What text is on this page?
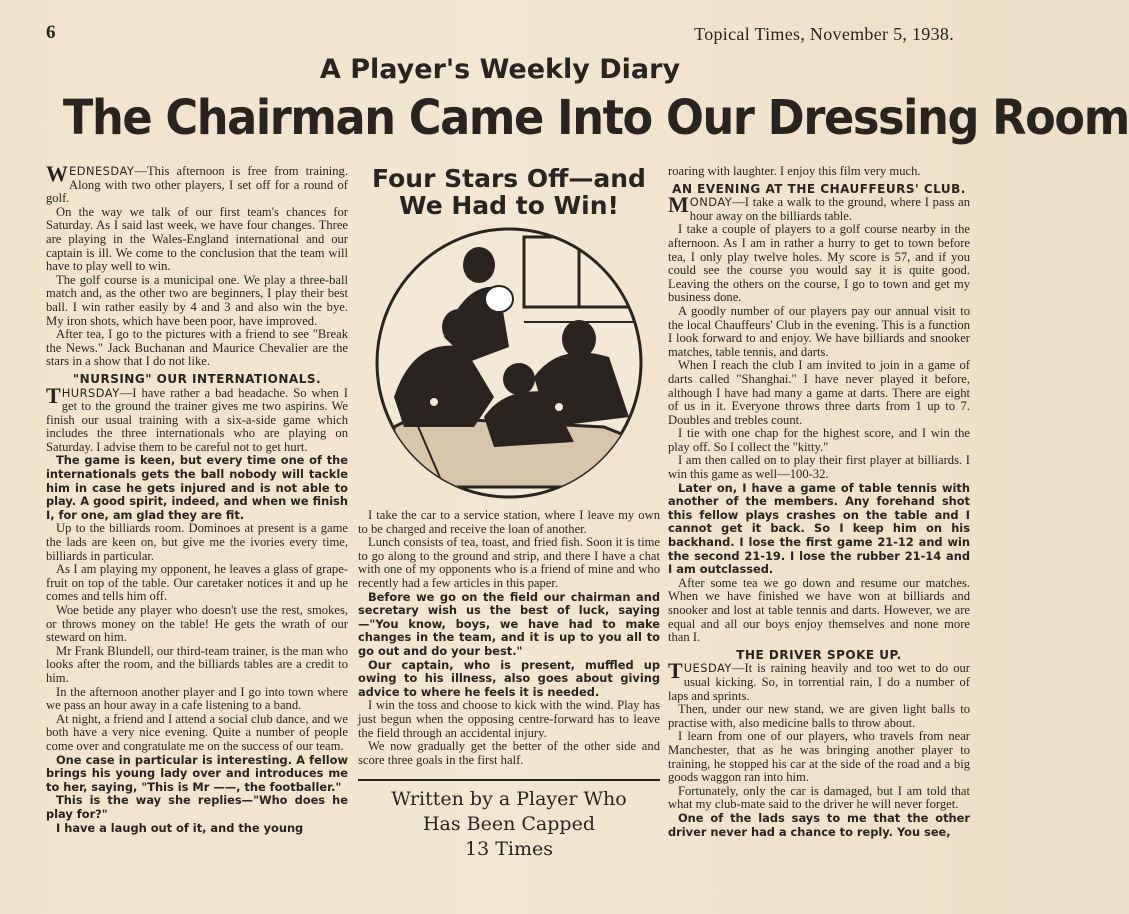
6	Topical Times, November 5, 1938.
A Player's Weekly Diary
The Chairman Came Into Our Dressing Room

WEDNESDAY—This afternoon is free from training. Along with two other players, I set off for a round of golf.

On the way we talk of our first team's chances for Saturday. As I said last week, we have four changes. Three are playing in the Wales-England international and our captain is ill. We come to the conclusion that the team will have to play well to win.

The golf course is a municipal one. We play a three-ball match and, as the other two are beginners, I play their best ball. I win rather easily by 4 and 3 and also win the bye. My iron shots, which have been poor, have improved.

After tea, I go to the pictures with a friend to see "Break the News." Jack Buchanan and Maurice Chevalier are the stars in a show that I do not like.

"NURSING" OUR INTERNATIONALS.

THURSDAY—I have rather a bad headache. So when I get to the ground the trainer gives me two aspirins. We finish our usual training with a six-a-side game which includes the three internationals who are playing on Saturday. I advise them to be careful not to get hurt.

The game is keen, but every time one of the internationals gets the ball nobody will tackle him in case he gets injured and is not able to play. A good spirit, indeed, and when we finish I, for one, am glad they are fit.

Up to the billiards room. Dominoes at present is a game the lads are keen on, but give me the ivories every time, billiards in particular.

As I am playing my opponent, he leaves a glass of grape-fruit on top of the table. Our caretaker notices it and up he comes and tells him off.

Woe betide any player who doesn't use the rest, smokes, or throws money on the table! He gets the wrath of our steward on him.

Mr Frank Blundell, our third-team trainer, is the man who looks after the room, and the billiards tables are a credit to him.

In the afternoon another player and I go into town where we pass an hour away in a cafe listening to a band.

At night, a friend and I attend a social club dance, and we both have a very nice evening. Quite a number of people come over and congratulate me on the success of our team.

One case in particular is interesting. A fellow brings his young lady over and introduces me to her, saying, "This is Mr ——, the footballer."

This is the way she replies—"Who does he play for?"

I have a laugh out of it, and the young

Four Stars Off—and We Had to Win!

I take the car to a service station, where I leave my own to be charged and receive the loan of another.

Lunch consists of tea, toast, and fried fish. Soon it is time to go along to the ground and strip, and there I have a chat with one of my opponents who is a friend of mine and who recently had a few articles in this paper.

Before we go on the field our chairman and secretary wish us the best of luck, saying—"You know, boys, we have had to make changes in the team, and it is up to you all to go out and do your best."

Our captain, who is present, muffled up owing to his illness, also goes about giving advice to where he feels it is needed.

I win the toss and choose to kick with the wind. Play has just begun when the opposing centre-forward has to leave the field through an accidental injury.

We now gradually get the better of the other side and score three goals in the first half.

Written by a Player Who
Has Been Capped
13 Times

roaring with laughter. I enjoy this film very much.

AN EVENING AT THE CHAUFFEURS' CLUB.

MONDAY—I take a walk to the ground, where I pass an hour away on the billiards table.

I take a couple of players to a golf course nearby in the afternoon. As I am in rather a hurry to get to town before tea, I only play twelve holes. My score is 57, and if you could see the course you would say it is quite good. Leaving the others on the course, I go to town and get my business done.

A goodly number of our players pay our annual visit to the local Chauffeurs' Club in the evening. This is a function I look forward to and enjoy. We have billiards and snooker matches, table tennis, and darts.

When I reach the club I am invited to join in a game of darts called "Shanghai." I have never played it before, although I have had many a game at darts. There are eight of us in it. Everyone throws three darts from 1 up to 7. Doubles and trebles count.

I tie with one chap for the highest score, and I win the play off. So I collect the "kitty."

I am then called on to play their first player at billiards. I win this game as well—100-32.

Later on, I have a game of table tennis with another of the members. Any forehand shot this fellow plays crashes on the table and I cannot get it back. So I keep him on his backhand. I lose the first game 21-12 and win the second 21-19. I lose the rubber 21-14 and I am outclassed.

After some tea we go down and resume our matches. When we have finished we have won at billiards and snooker and lost at table tennis and darts. However, we are equal and all our boys enjoy themselves and none more than I.

THE DRIVER SPOKE UP.

TUESDAY—It is raining heavily and too wet to do our usual kicking. So, in torrential rain, I do a number of laps and sprints.

Then, under our new stand, we are given light balls to practise with, also medicine balls to throw about.

I learn from one of our players, who travels from near Manchester, that as he was bringing another player to training, he stopped his car at the side of the road and a big goods waggon ran into him.

Fortunately, only the car is damaged, but I am told that what my club-mate said to the driver he will never forget.

One of the lads says to me that the other driver never had a chance to reply. You see,
